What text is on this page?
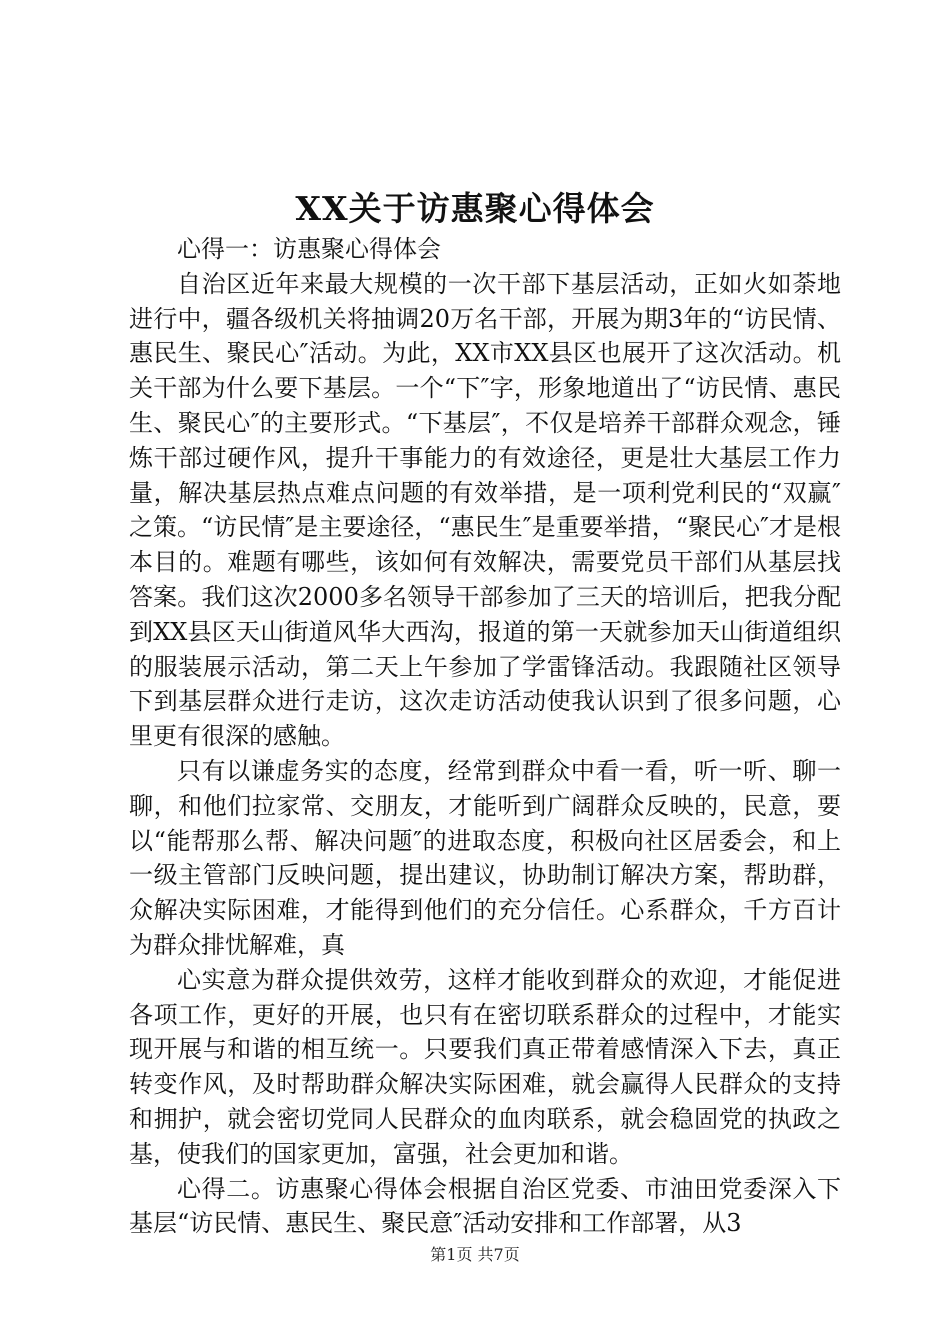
XX关于访惠聚心得体会

心得一：访惠聚心得体会

自治区近年来最大规模的一次干部下基层活动，正如火如荼地进行中，疆各级机关将抽调20万名干部，开展为期3年的“访民情、惠民生、聚民心″活动。为此，XX市XX县区也展开了这次活动。机关干部为什么要下基层。一个“下″字，形象地道出了“访民情、惠民生、聚民心″的主要形式。“下基层″，不仅是培养干部群众观念，锤炼干部过硬作风，提升干事能力的有效途径，更是壮大基层工作力量，解决基层热点难点问题的有效举措，是一项利党利民的“双赢″之策。“访民情″是主要途径，“惠民生″是重要举措，“聚民心″才是根本目的。难题有哪些，该如何有效解决，需要党员干部们从基层找答案。我们这次2000多名领导干部参加了三天的培训后，把我分配到XX县区天山街道风华大西沟，报道的第一天就参加天山街道组织的服装展示活动，第二天上午参加了学雷锋活动。我跟随社区领导下到基层群众进行走访，这次走访活动使我认识到了很多问题，心里更有很深的感触。

只有以谦虚务实的态度，经常到群众中看一看，听一听、聊一聊，和他们拉家常、交朋友，才能听到广阔群众反映的，民意，要以“能帮那么帮、解决问题″的进取态度，积极向社区居委会，和上一级主管部门反映问题，提出建议，协助制订解决方案，帮助群，众解决实际困难，才能得到他们的充分信任。心系群众，千方百计为群众排忧解难，真

心实意为群众提供效劳，这样才能收到群众的欢迎，才能促进各项工作，更好的开展，也只有在密切联系群众的过程中，才能实现开展与和谐的相互统一。只要我们真正带着感情深入下去，真正转变作风，及时帮助群众解决实际困难，就会赢得人民群众的支持和拥护，就会密切党同人民群众的血肉联系，就会稳固党的执政之基，使我们的国家更加，富强，社会更加和谐。

心得二。访惠聚心得体会根据自治区党委、市油田党委深入下基层“访民情、惠民生、聚民意″活动安排和工作部署，从3

第1页 共7页
